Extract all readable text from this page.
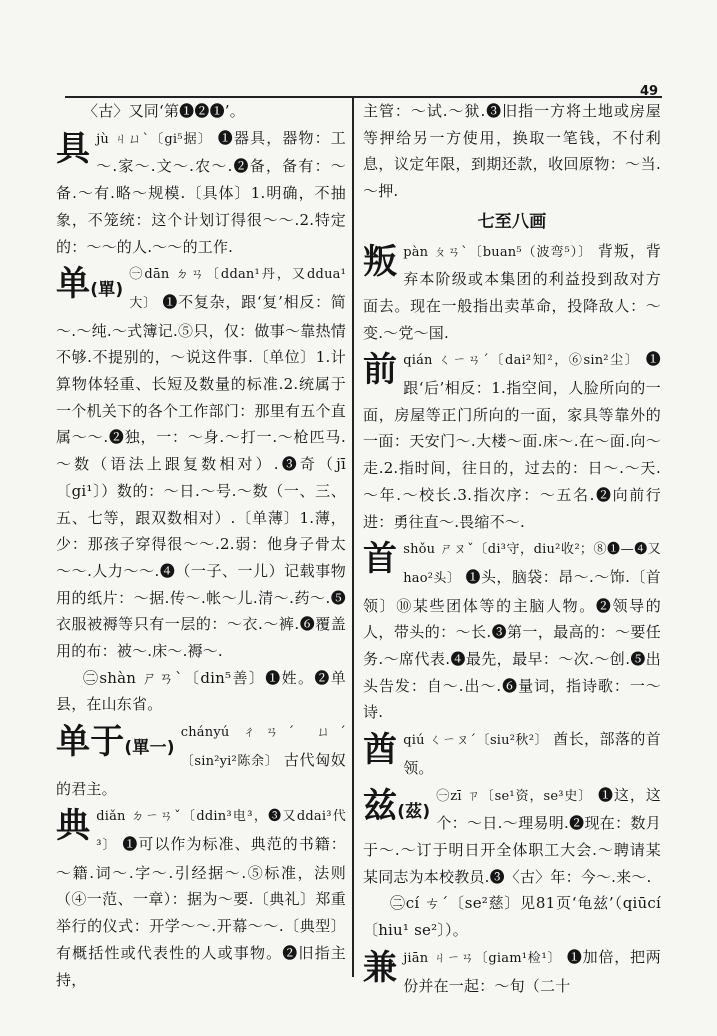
49

〈古〉又同‘第❶❷❶’。

具 jù ㄐㄩˋ〔gi⁵据〕 ❶器具，器物：工～.家～.文～.农～.❷备，备有：～备.～有.略～规模.〔具体〕1.明确，不抽象，不笼统：这个计划订得很～～.2.特定的：～～的人.～～的工作.

单(單)

㊀dān ㄉㄢ〔ddan¹丹，又ddua¹大〕 ❶不复杂，跟‘复’相反：简～.～纯.～式簿记.⑤只，仅：做事～靠热情不够.不提别的，～说这件事.〔单位〕1.计算物体轻重、长短及数量的标准.2.统属于一个机关下的各个工作部门：那里有五个直属～～.❷独，一：～身.～打一.～枪匹马.～数（语法上跟复数相对）.❸奇（jī〔gi¹〕）数的：～日.～号.～数（一、三、五、七等，跟双数相对）.〔单薄〕1.薄，少：那孩子穿得很～～.2.弱：他身子骨太～～.人力～～.❹（一子、一儿）记载事物用的纸片：～据.传～.帐～儿.清～.药～.❺衣服被褥等只有一层的：～衣.～裤.❻覆盖用的布：被～.床～.褥～.

㊁shàn ㄕㄢˋ〔din⁵善〕❶姓。❷单县，在山东省。

单于(單一)

chányú ㄔㄢˊ ㄩˊ〔sin²yi²陈余〕 古代匈奴的君主。

典 diǎn ㄉㄧㄢˇ〔ddin³电³，❸又ddai³代³〕 ❶可以作为标准、典范的书籍：～籍.词～.字～.引经据～.⑤标准，法则（④一范、一章）：据为～要.〔典礼〕郑重举行的仪式：开学～～.开幕～～.〔典型〕有概括性或代表性的人或事物。❷旧指主持，

主管：～试.～狱.❸旧指一方将土地或房屋等押给另一方使用，换取一笔钱，不付利息，议定年限，到期还款，收回原物：～当.～押.

七至八画
叛 pàn ㄆㄢˋ〔buan⁵（波弯⁵）〕 背叛，背弃本阶级或本集团的利益投到敌对方面去。现在一般指出卖革命，投降敌人：～变.～党～国.

前 qián ㄑㄧㄢˊ〔dai²知²，⑥sin²尘〕 ❶跟‘后’相反：1.指空间，人脸所向的一面，房屋等正门所向的一面，家具等靠外的一面：天安门～.大楼～面.床～.在～面.向～走.2.指时间，往日的，过去的：日～.～天.～年.～校长.3.指次序：～五名.❷向前行进：勇往直～.畏缩不～.

首 shǒu ㄕㄡˇ〔di³守，diu²收²；⑧❶—❹又hao²头〕 ❶头，脑袋：昂～.～饰.〔首领〕⑩某些团体等的主脑人物。❷领导的人，带头的：～长.❸第一，最高的：～要任务.～席代表.❹最先，最早：～次.～创.❺出头告发：自～.出～.❻量词，指诗歌：一～诗.

酋 qiú ㄑㄧㄡˊ〔siu²秋²〕 酋长，部落的首领。

兹(茲)

㊀zī ㄗ〔se¹资，se³史〕 ❶这，这个：～日.～理易明.❷现在：数月于～.～订于明日开全体职工大会.～聘请某某同志为本校教员.❸〈古〉年：今～.来～.

㊁cí ㄘˊ〔se²慈〕见81页‘龟兹’（qiūcí〔hiu¹ se²〕）。

兼 jiān ㄐㄧㄢ〔giam¹检¹〕 ❶加倍，把两份并在一起：～旬（二十
